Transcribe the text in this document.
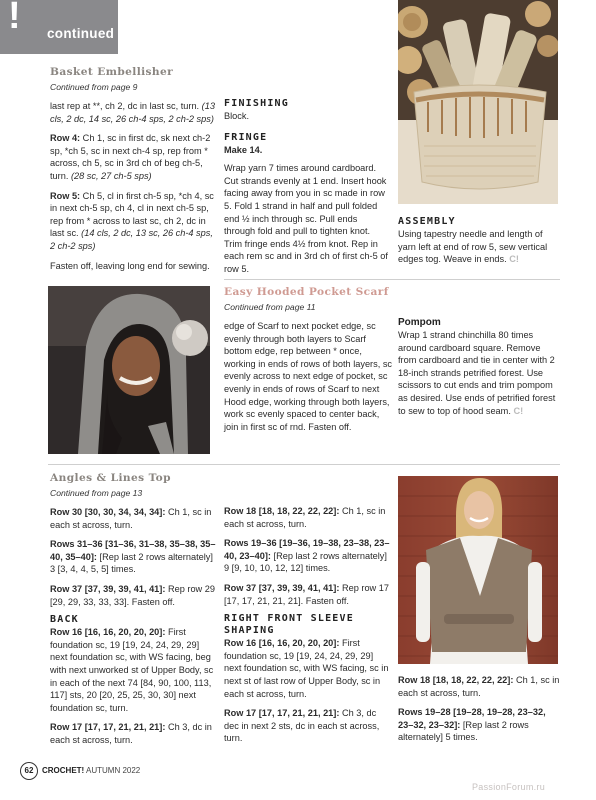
! continued
Basket Embellisher
Continued from page 9

last rep at **, ch 2, dc in last sc, turn. (13 cls, 2 dc, 14 sc, 26 ch-4 sps, 2 ch-2 sps)

Row 4: Ch 1, sc in first dc, sk next ch-2 sp, *ch 5, sc in next ch-4 sp, rep from * across, ch 5, sc in 3rd ch of beg ch-5, turn. (28 sc, 27 ch-5 sps)

Row 5: Ch 5, cl in first ch-5 sp, *ch 4, sc in next ch-5 sp, ch 4, cl in next ch-5 sp, rep from * across to last sc, ch 2, dc in last sc. (14 cls, 2 dc, 13 sc, 26 ch-4 sps, 2 ch-2 sps)

Fasten off, leaving long end for sewing.

FINISHING

Block.

FRINGE

Make 14.

Wrap yarn 7 times around cardboard. Cut strands evenly at 1 end. Insert hook facing away from you in sc made in row 5. Fold 1 strand in half and pull folded end ½ inch through sc. Pull ends through fold and pull to tighten knot. Trim fringe ends 4½ from knot. Rep in each rem sc and in 3rd ch of first ch-5 of row 5.

ASSEMBLY

Using tapestry needle and length of yarn left at end of row 5, sew vertical edges tog. Weave in ends. C!

Easy Hooded Pocket Scarf
Continued from page 11

edge of Scarf to next pocket edge, sc evenly through both layers to Scarf bottom edge, rep between * once, working in ends of rows of both layers, sc evenly across to next edge of pocket, sc evenly in ends of rows of Scarf to next Hood edge, working through both layers, work sc evenly spaced to center back, join in first sc of rnd. Fasten off.

Pompom

Wrap 1 strand chinchilla 80 times around cardboard square. Remove from cardboard and tie in center with 2 18-inch strands petrified forest. Use scissors to cut ends and trim pompom as desired. Use ends of petrified forest to sew to top of hood seam. C!

Angles & Lines Top
Continued from page 13

Row 30 [30, 30, 34, 34, 34]: Ch 1, sc in each st across, turn.

Rows 31–36 [31–36, 31–38, 35–38, 35–40, 35–40]: [Rep last 2 rows alternately] 3 [3, 4, 4, 5, 5] times.

Row 37 [37, 39, 39, 41, 41]: Rep row 29 [29, 29, 33, 33, 33]. Fasten off.

BACK

Row 16 [16, 16, 20, 20, 20]: First foundation sc, 19 [19, 24, 24, 29, 29] next foundation sc, with WS facing, beg with next unworked st of Upper Body, sc in each of the next 74 [84, 90, 100, 113, 117] sts, 20 [20, 25, 25, 30, 30] next foundation sc, turn.

Row 17 [17, 17, 21, 21, 21]: Ch 3, dc in each st across, turn.

Row 18 [18, 18, 22, 22, 22]: Ch 1, sc in each st across, turn.

Rows 19–36 [19–36, 19–38, 23–38, 23–40, 23–40]: [Rep last 2 rows alternately] 9 [9, 10, 10, 12, 12] times.

Row 37 [37, 39, 39, 41, 41]: Rep row 17 [17, 17, 21, 21, 21]. Fasten off.

RIGHT FRONT SLEEVE
SHAPING

Row 16 [16, 16, 20, 20, 20]: First foundation sc, 19 [19, 24, 24, 29, 29] next foundation sc, with WS facing, sc in next st of last row of Upper Body, sc in each st across, turn.

Row 17 [17, 17, 21, 21, 21]: Ch 3, dc dec in next 2 sts, dc in each st across, turn.

Row 18 [18, 18, 22, 22, 22]: Ch 1, sc in each st across, turn.

Rows 19–28 [19–28, 19–28, 23–32, 23–32, 23–32]: [Rep last 2 rows alternately] 5 times.

62	CROCHET! AUTUMN 2022
PassionForum.ru
